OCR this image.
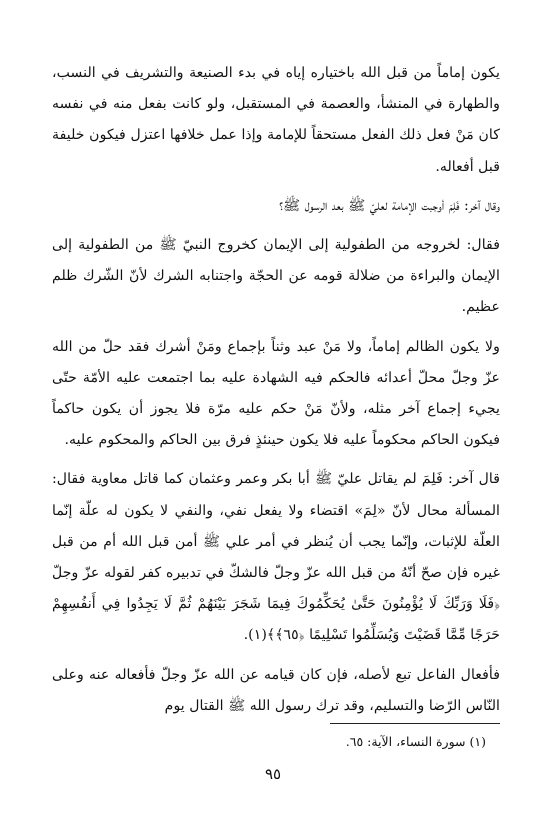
يكون إماماً من قبل الله باختياره إياه في بدء الصنيعة والتشريف في النسب، والطهارة في المنشأ، والعصمة في المستقبل، ولو كانت بفعل منه في نفسه كان مَنْ فعل ذلك الفعل مستحقاً للإمامة وإذا عمل خلافها اعتزل فيكون خليفة قبل أفعاله.

وقال آخر: فَلِمَ أوجبت الإمامة لعليّ ﷺ بعد الرسول ﷺ؟

فقال: لخروجه من الطفولية إلى الإيمان كخروج النبيّ ﷺ من الطفولية إلى الإيمان والبراءة من ضلالة قومه عن الحجّة واجتنابه الشرك لأنّ الشّرك ظلم عظيم.

ولا يكون الظالم إماماً، ولا مَنْ عبد وثناً بإجماع ومَنْ أشرك فقد حلّ من الله عزّ وجلّ محلّ أعدائه فالحكم فيه الشهادة عليه بما اجتمعت عليه الأمّة حتّى يجيء إجماع آخر مثله، ولأنّ مَنْ حكم عليه مرّة فلا يجوز أن يكون حاكماً فيكون الحاكم محكوماً عليه فلا يكون حينئذٍ فرق بين الحاكم والمحكوم عليه.

قال آخر: فَلِمَ لم يقاتل عليّ ﷺ أبا بكر وعمر وعثمان كما قاتل معاوية فقال: المسألة محال لأنّ «لِمَ» اقتضاء ولا يفعل نفي، والنفي لا يكون له علّة إنّما العلّة للإثبات، وإنّما يجب أن يُنظر في أمر علي ﷺ أمن قبل الله أم من قبل غيره فإن صحّ أنّهُ من قبل الله عزّ وجلّ فالشكّ في تدبيره كفر لقوله عزّ وجلّ ﴿فَلَا وَرَبِّكَ لَا يُؤْمِنُونَ حَتَّىٰ يُحَكِّمُوكَ فِيمَا شَجَرَ بَيْنَهُمْ ثُمَّ لَا يَجِدُوا فِي أَنفُسِهِمْ حَرَجًا مِّمَّا قَضَيْتَ وَيُسَلِّمُوا تَسْلِيمًا ﴿٦٥﴾﴾(١).

فأفعال الفاعل تبع لأصله، فإن كان قيامه عن الله عزّ وجلّ فأفعاله عنه وعلى النّاس الرّضا والتسليم، وقد ترك رسول الله ﷺ القتال يوم

(١) سورة النساء، الآية: ٦٥.
٩٥
